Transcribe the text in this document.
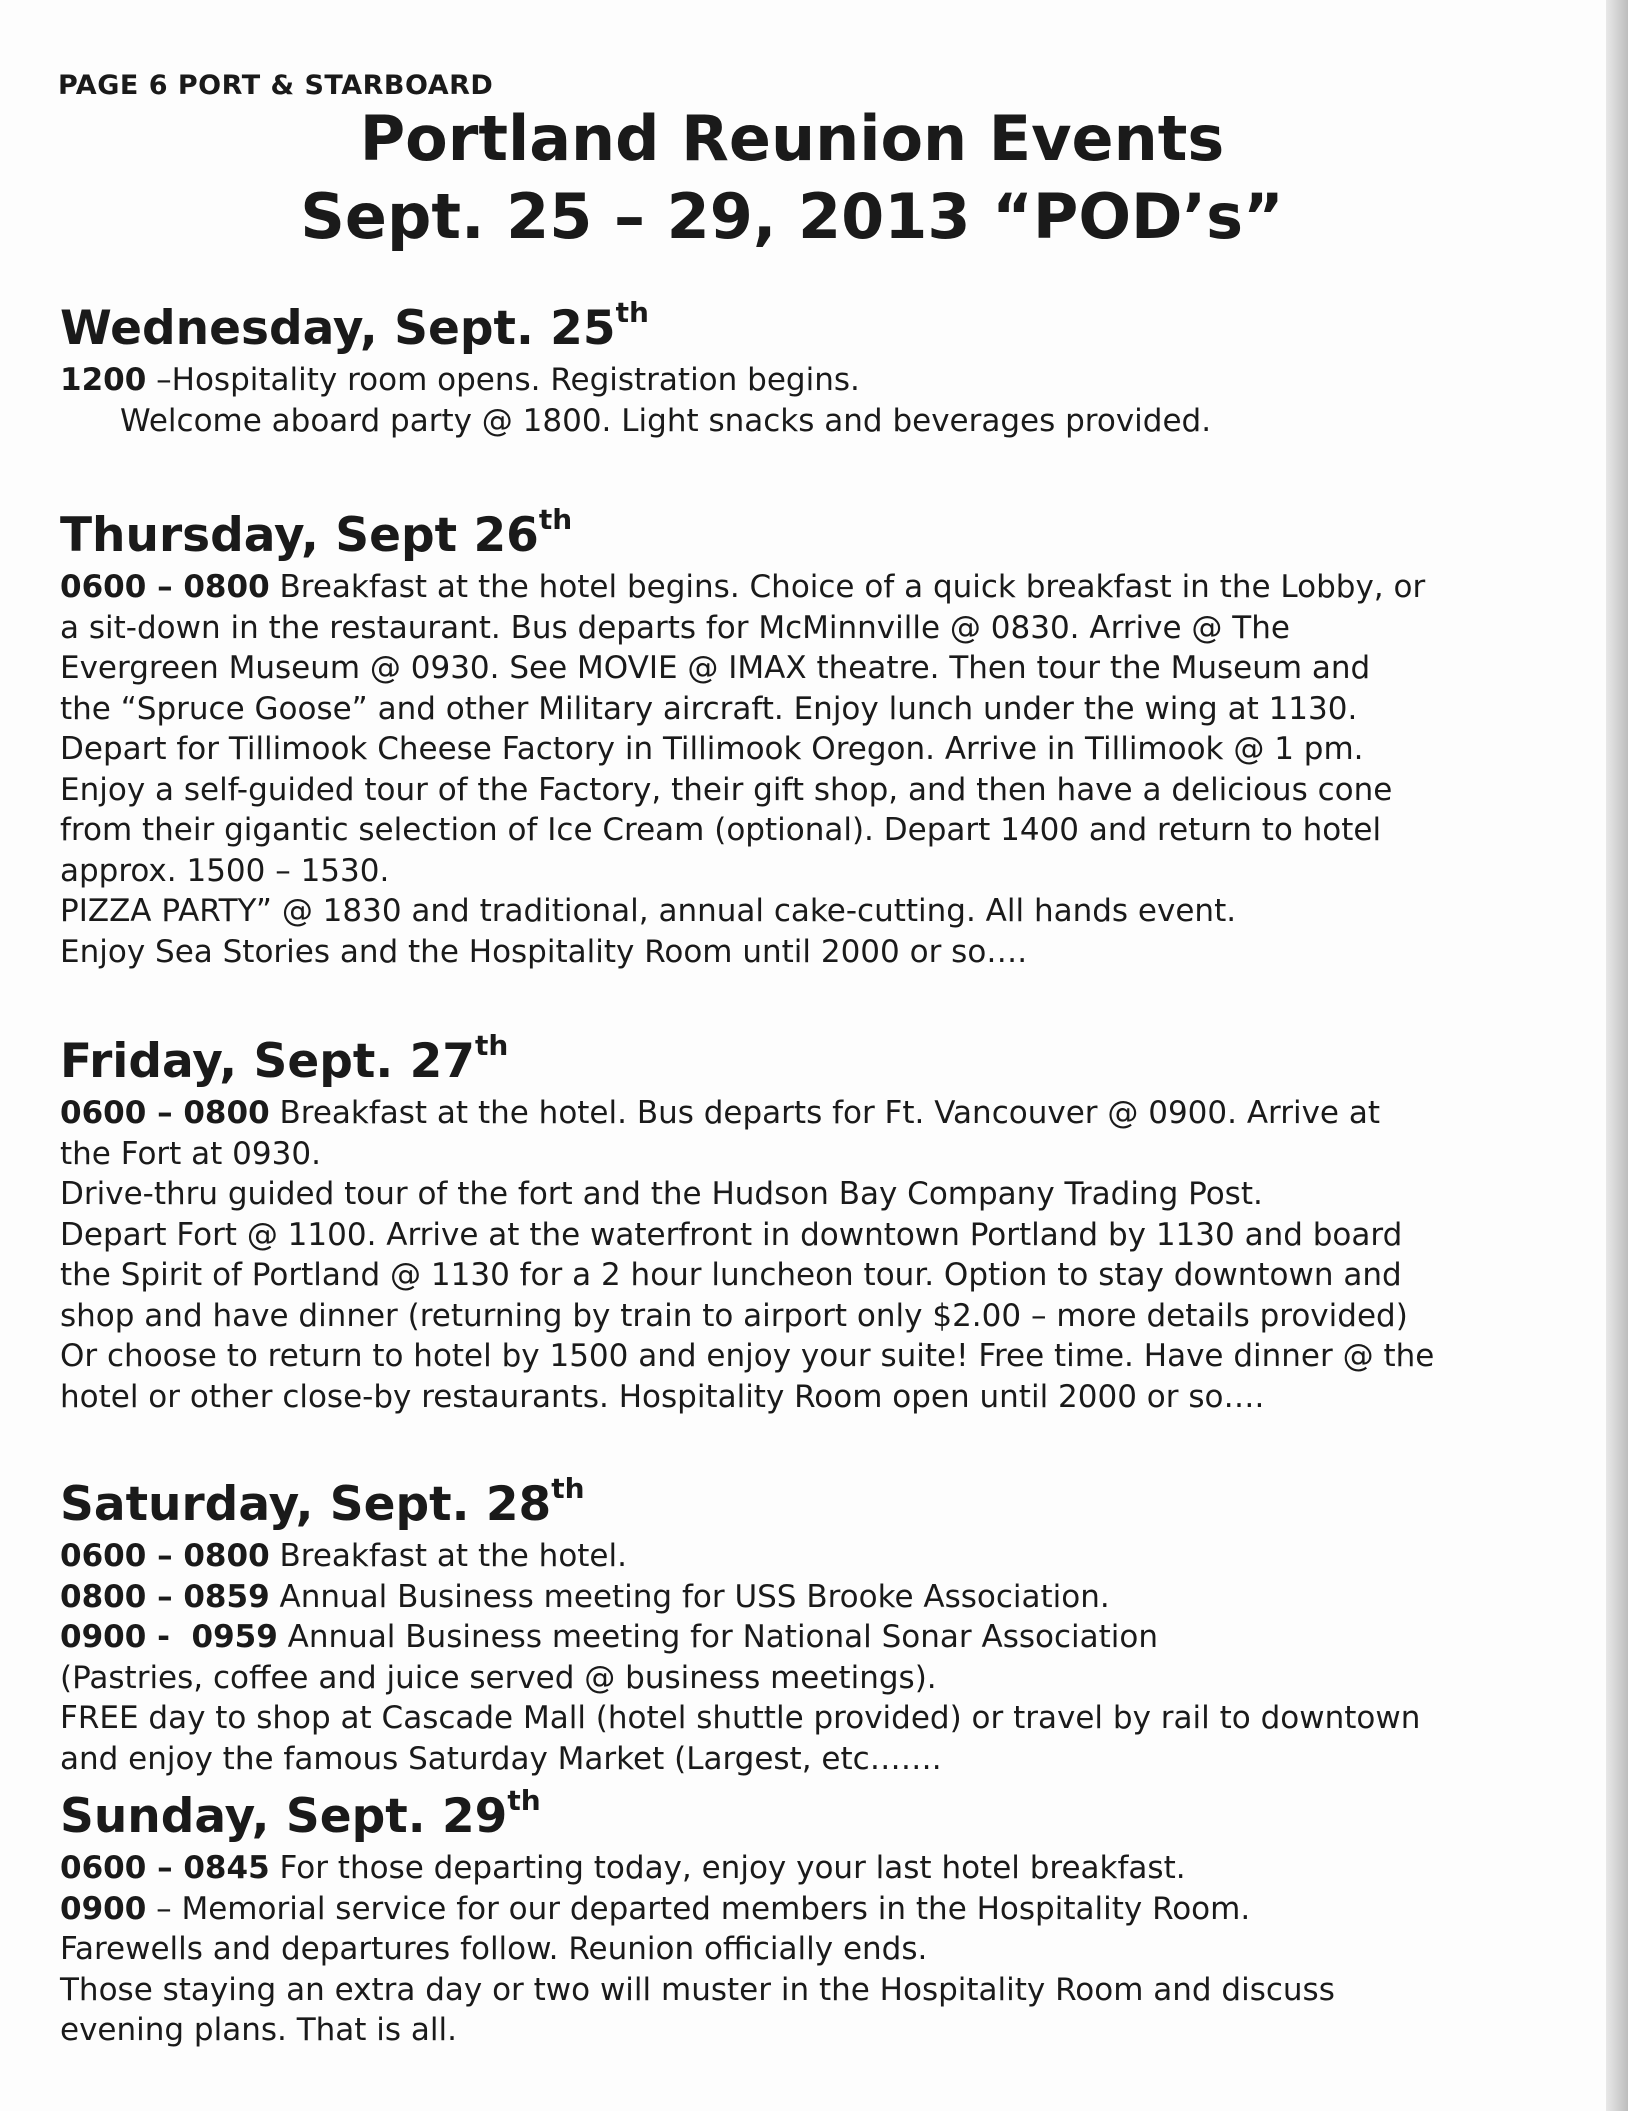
PAGE 6 PORT & STARBOARD
Portland Reunion Events
Sept. 25 – 29, 2013 “POD’s”
Wednesday, Sept. 25th

1200 –Hospitality room opens. Registration begins.

Welcome aboard party @ 1800. Light snacks and beverages provided.

Thursday, Sept 26th

0600 – 0800 Breakfast at the hotel begins. Choice of a quick breakfast in the Lobby, or

a sit-down in the restaurant. Bus departs for McMinnville @ 0830. Arrive @ The

Evergreen Museum @ 0930. See MOVIE @ IMAX theatre. Then tour the Museum and

the “Spruce Goose” and other Military aircraft. Enjoy lunch under the wing at 1130.

Depart for Tillimook Cheese Factory in Tillimook Oregon. Arrive in Tillimook @ 1 pm.

Enjoy a self-guided tour of the Factory, their gift shop, and then have a delicious cone

from their gigantic selection of Ice Cream (optional). Depart 1400 and return to hotel

approx. 1500 – 1530.

PIZZA PARTY” @ 1830 and traditional, annual cake-cutting. All hands event.

Enjoy Sea Stories and the Hospitality Room until 2000 or so….

Friday, Sept. 27th

0600 – 0800 Breakfast at the hotel. Bus departs for Ft. Vancouver @ 0900. Arrive at

the Fort at 0930.

Drive-thru guided tour of the fort and the Hudson Bay Company Trading Post.

Depart Fort @ 1100. Arrive at the waterfront in downtown Portland by 1130 and board

the Spirit of Portland @ 1130 for a 2 hour luncheon tour. Option to stay downtown and

shop and have dinner (returning by train to airport only $2.00 – more details provided)

Or choose to return to hotel by 1500 and enjoy your suite! Free time. Have dinner @ the

hotel or other close-by restaurants. Hospitality Room open until 2000 or so….

Saturday, Sept. 28th

0600 – 0800 Breakfast at the hotel.

0800 – 0859 Annual Business meeting for USS Brooke Association.

0900 -  0959 Annual Business meeting for National Sonar Association

(Pastries, coffee and juice served @ business meetings).

FREE day to shop at Cascade Mall (hotel shuttle provided) or travel by rail to downtown

and enjoy the famous Saturday Market (Largest, etc…….

Sunday, Sept. 29th

0600 – 0845 For those departing today, enjoy your last hotel breakfast.

0900 – Memorial service for our departed members in the Hospitality Room.

Farewells and departures follow. Reunion officially ends.

Those staying an extra day or two will muster in the Hospitality Room and discuss

evening plans. That is all.
